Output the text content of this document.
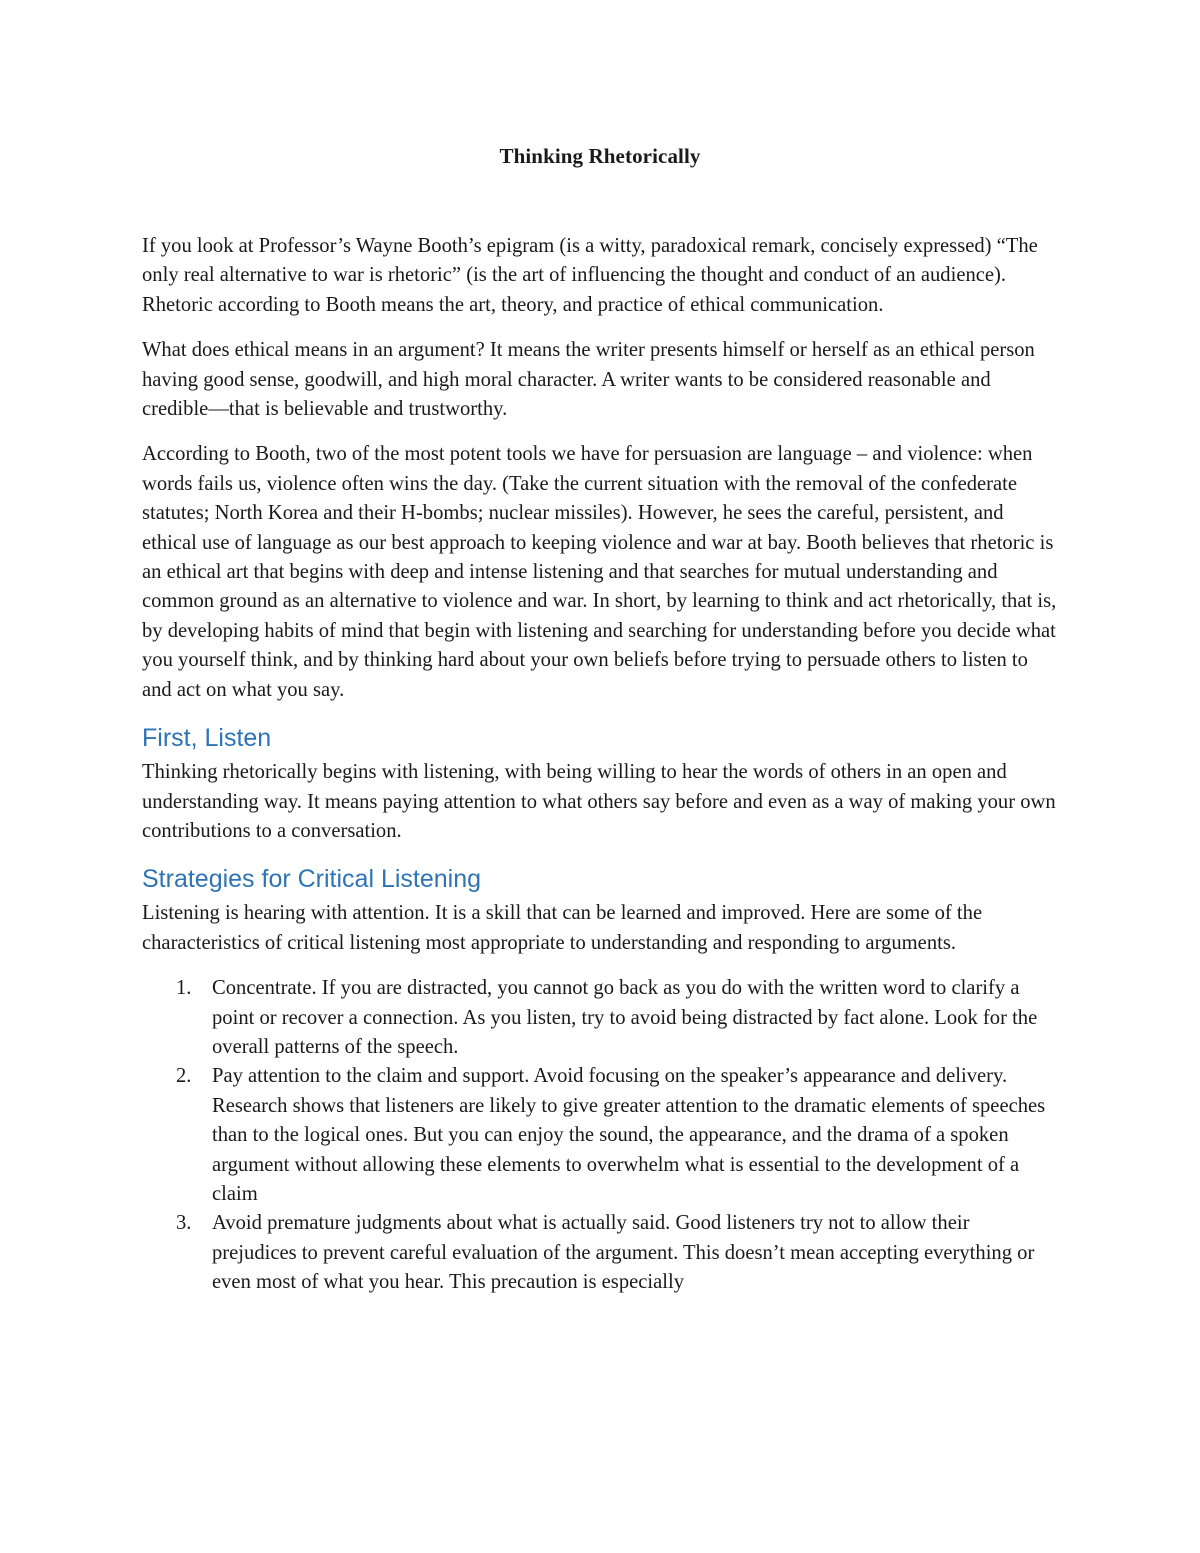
Thinking Rhetorically

If you look at Professor’s Wayne Booth’s epigram (is a witty, paradoxical remark, concisely expressed) “The only real alternative to war is rhetoric” (is the art of influencing the thought and conduct of an audience). Rhetoric according to Booth means the art, theory, and practice of ethical communication.

What does ethical means in an argument? It means the writer presents himself or herself as an ethical person having good sense, goodwill, and high moral character. A writer wants to be considered reasonable and credible—that is believable and trustworthy.

According to Booth, two of the most potent tools we have for persuasion are language – and violence: when words fails us, violence often wins the day. (Take the current situation with the removal of the confederate statutes; North Korea and their H-bombs; nuclear missiles). However, he sees the careful, persistent, and ethical use of language as our best approach to keeping violence and war at bay. Booth believes that rhetoric is an ethical art that begins with deep and intense listening and that searches for mutual understanding and common ground as an alternative to violence and war. In short, by learning to think and act rhetorically, that is, by developing habits of mind that begin with listening and searching for understanding before you decide what you yourself think, and by thinking hard about your own beliefs before trying to persuade others to listen to and act on what you say.

First, Listen

Thinking rhetorically begins with listening, with being willing to hear the words of others in an open and understanding way. It means paying attention to what others say before and even as a way of making your own contributions to a conversation.

Strategies for Critical Listening

Listening is hearing with attention. It is a skill that can be learned and improved. Here are some of the characteristics of critical listening most appropriate to understanding and responding to arguments.

1. Concentrate. If you are distracted, you cannot go back as you do with the written word to clarify a point or recover a connection. As you listen, try to avoid being distracted by fact alone. Look for the overall patterns of the speech.
2. Pay attention to the claim and support. Avoid focusing on the speaker’s appearance and delivery. Research shows that listeners are likely to give greater attention to the dramatic elements of speeches than to the logical ones. But you can enjoy the sound, the appearance, and the drama of a spoken argument without allowing these elements to overwhelm what is essential to the development of a claim
3. Avoid premature judgments about what is actually said. Good listeners try not to allow their prejudices to prevent careful evaluation of the argument. This doesn’t mean accepting everything or even most of what you hear. This precaution is especially
